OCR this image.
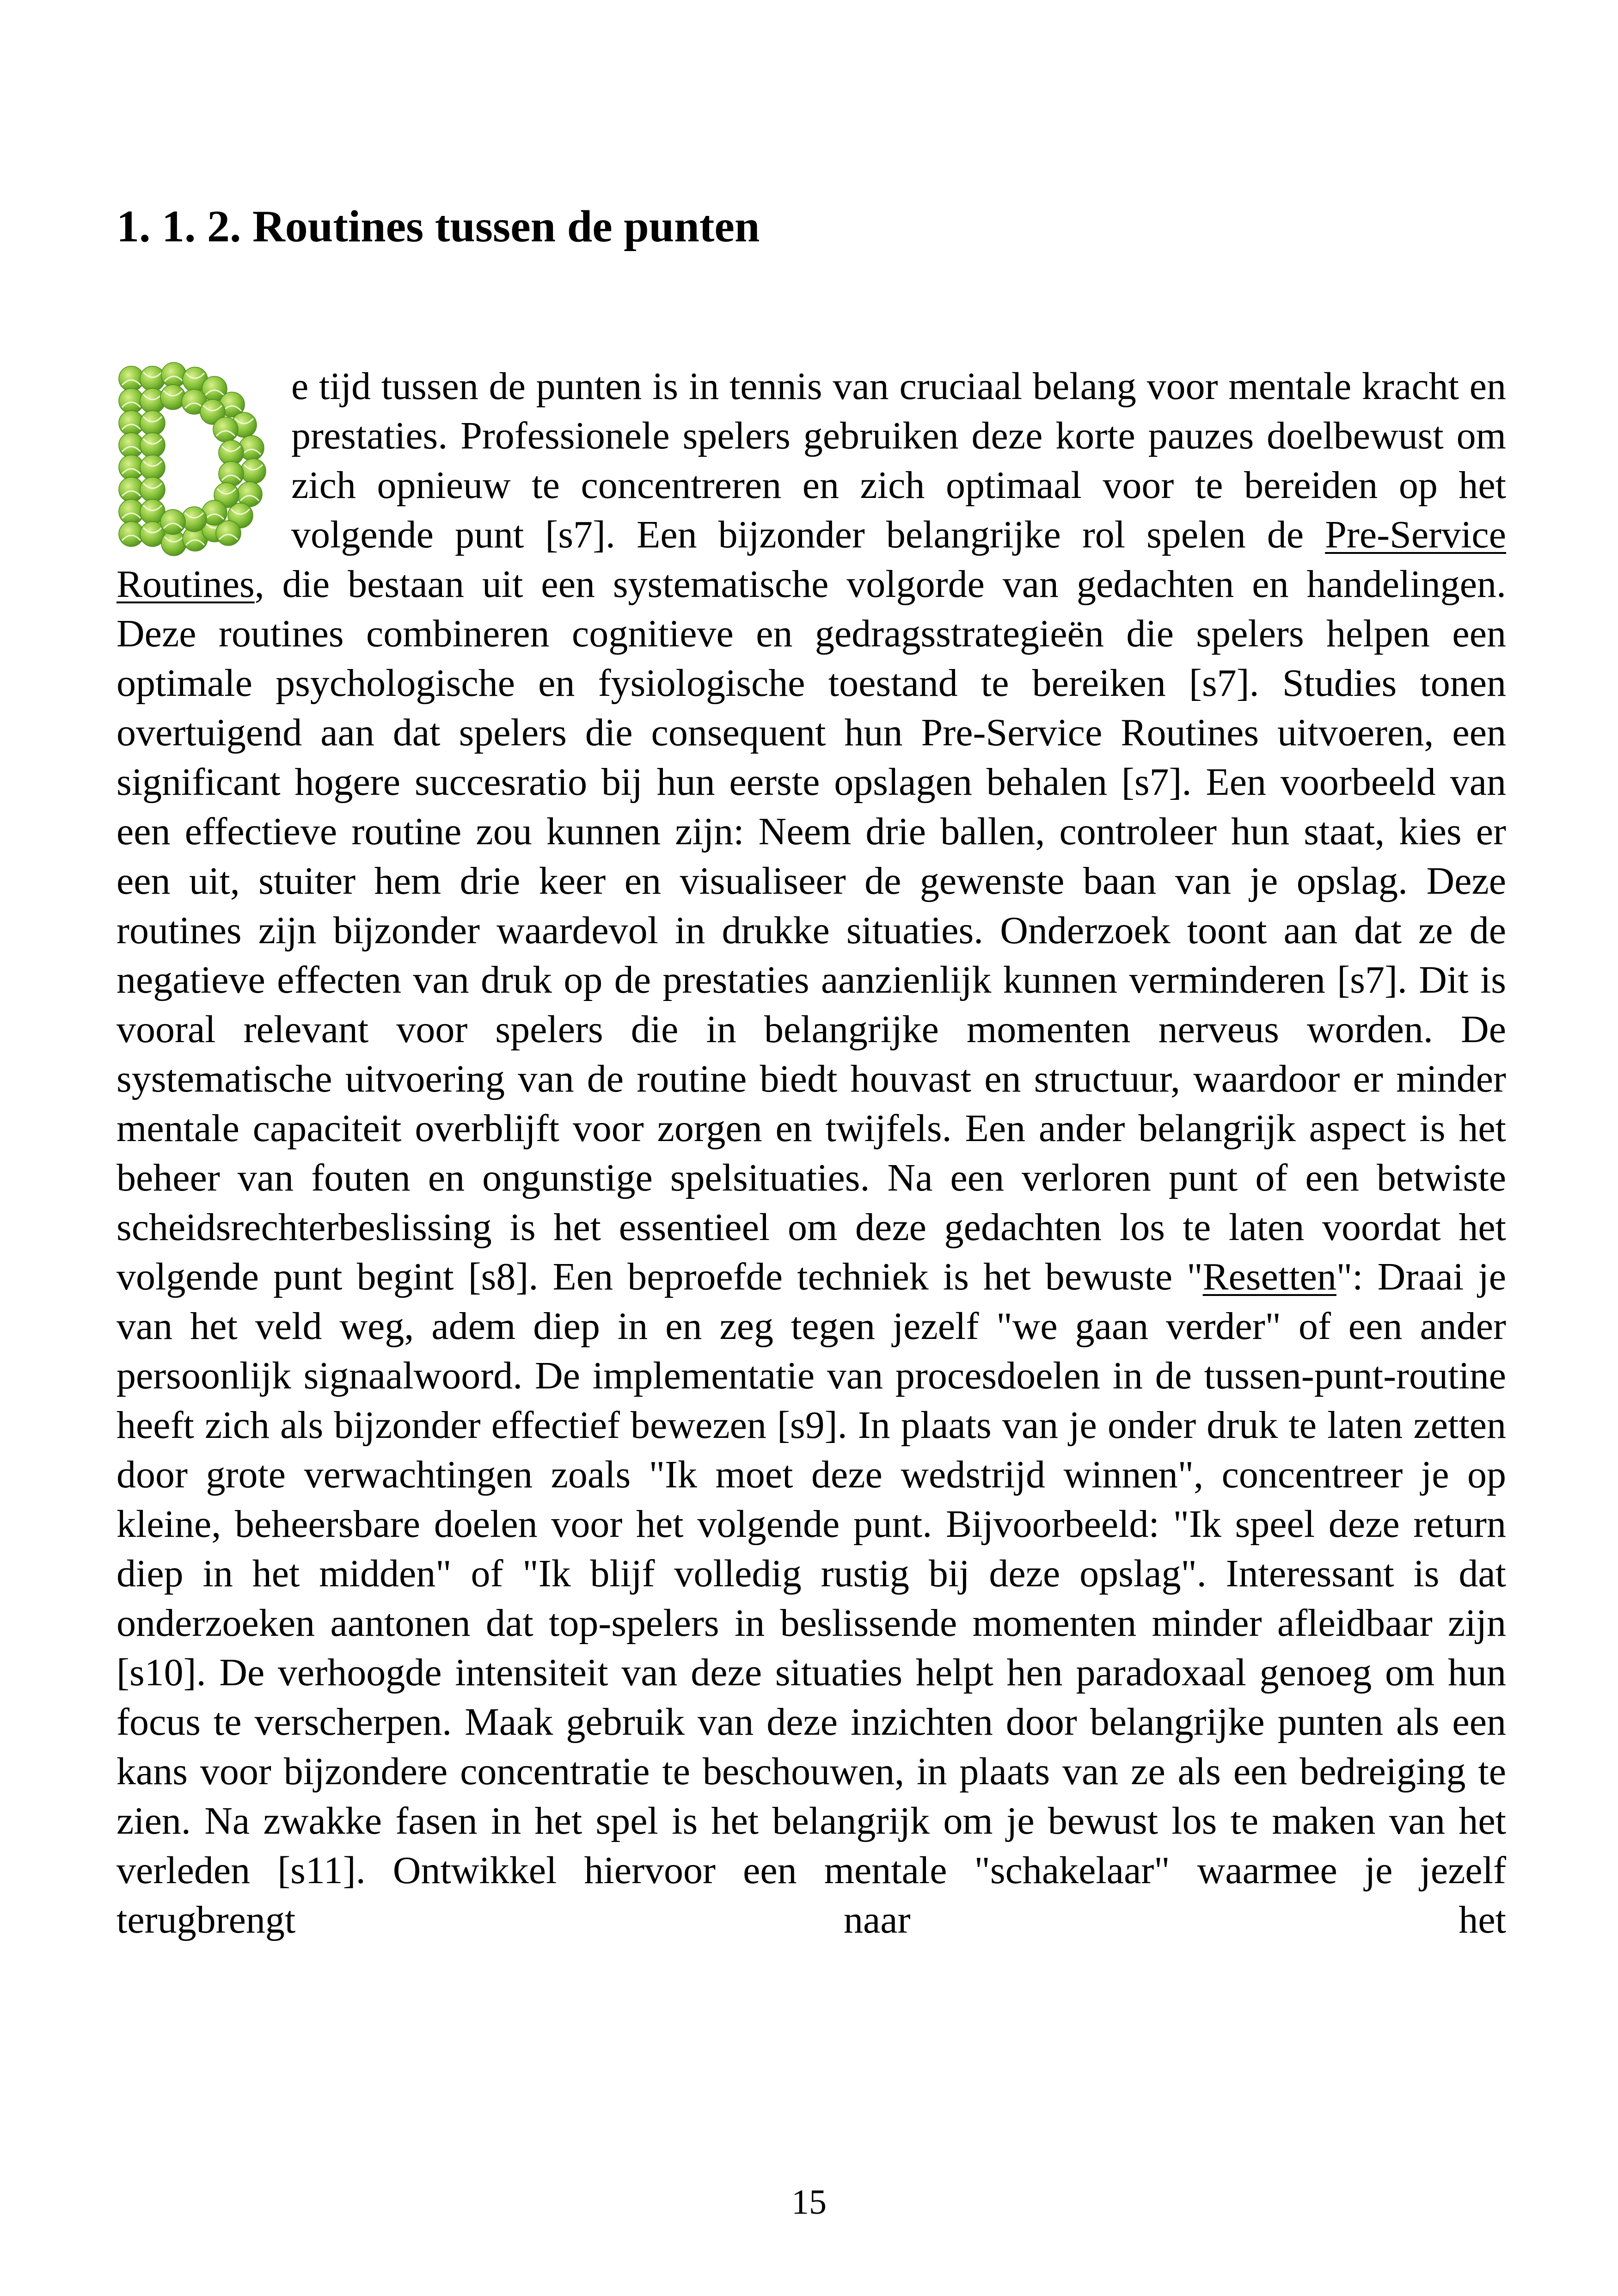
1. 1. 2. Routines tussen de punten

e tijd tussen de punten is in tennis van cruciaal belang voor mentale kracht en prestaties. Professionele spelers gebruiken deze korte pauzes doelbewust om zich opnieuw te concentreren en zich optimaal voor te bereiden op het volgende punt [s7]. Een bijzonder belangrijke rol spelen de Pre-Service Routines, die bestaan uit een systematische volgorde van gedachten en handelingen. Deze routines combineren cognitieve en gedragsstrategieën die spelers helpen een optimale psychologische en fysiologische toestand te bereiken [s7]. Studies tonen overtuigend aan dat spelers die consequent hun Pre-Service Routines uitvoeren, een significant hogere succesratio bij hun eerste opslagen behalen [s7]. Een voorbeeld van een effectieve routine zou kunnen zijn: Neem drie ballen, controleer hun staat, kies er een uit, stuiter hem drie keer en visualiseer de gewenste baan van je opslag. Deze routines zijn bijzonder waardevol in drukke situaties. Onderzoek toont aan dat ze de negatieve effecten van druk op de prestaties aanzienlijk kunnen verminderen [s7]. Dit is vooral relevant voor spelers die in belangrijke momenten nerveus worden. De systematische uitvoering van de routine biedt houvast en structuur, waardoor er minder mentale capaciteit overblijft voor zorgen en twijfels. Een ander belangrijk aspect is het beheer van fouten en ongunstige spelsituaties. Na een verloren punt of een betwiste scheidsrechterbeslissing is het essentieel om deze gedachten los te laten voordat het volgende punt begint [s8]. Een beproefde techniek is het bewuste "Resetten": Draai je van het veld weg, adem diep in en zeg tegen jezelf "we gaan verder" of een ander persoonlijk signaalwoord. De implementatie van procesdoelen in de tussen-punt-routine heeft zich als bijzonder effectief bewezen [s9]. In plaats van je onder druk te laten zetten door grote verwachtingen zoals "Ik moet deze wedstrijd winnen", concentreer je op kleine, beheersbare doelen voor het volgende punt. Bijvoorbeeld: "Ik speel deze return diep in het midden" of "Ik blijf volledig rustig bij deze opslag". Interessant is dat onderzoeken aantonen dat top-spelers in beslissende momenten minder afleidbaar zijn [s10]. De verhoogde intensiteit van deze situaties helpt hen paradoxaal genoeg om hun focus te verscherpen. Maak gebruik van deze inzichten door belangrijke punten als een kans voor bijzondere concentratie te beschouwen, in plaats van ze als een bedreiging te zien. Na zwakke fasen in het spel is het belangrijk om je bewust los te maken van het verleden [s11]. Ontwikkel hiervoor een mentale "schakelaar" waarmee je jezelf terugbrengt naar het

15
